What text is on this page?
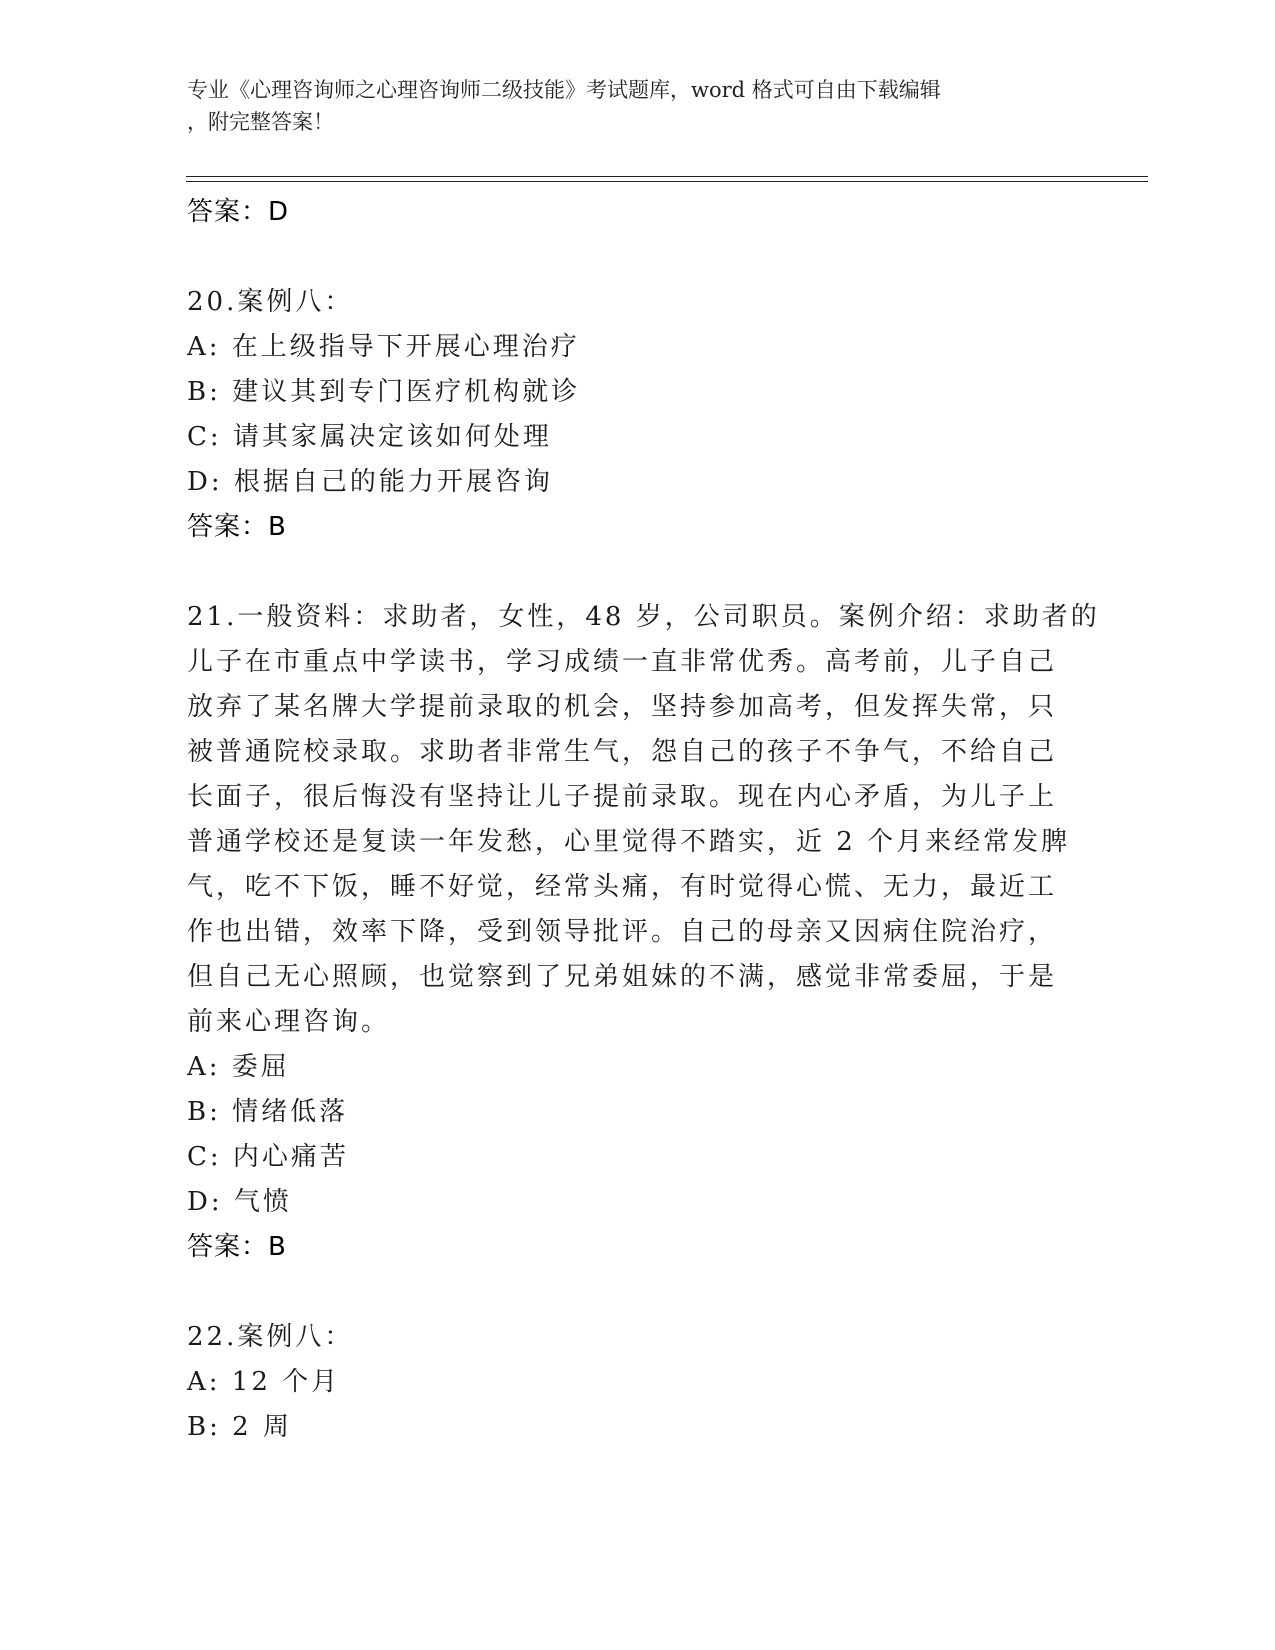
专业《心理咨询师之心理咨询师二级技能》考试题库，word 格式可自由下载编辑
，附完整答案！
答案：D
20.案例八：
A: 在上级指导下开展心理治疗
B: 建议其到专门医疗机构就诊
C: 请其家属决定该如何处理
D: 根据自己的能力开展咨询
答案：B
21.一般资料：求助者，女性，48 岁，公司职员。案例介绍：求助者的
儿子在市重点中学读书，学习成绩一直非常优秀。高考前，儿子自己
放弃了某名牌大学提前录取的机会，坚持参加高考，但发挥失常，只
被普通院校录取。求助者非常生气，怨自己的孩子不争气，不给自己
长面子，很后悔没有坚持让儿子提前录取。现在内心矛盾，为儿子上
普通学校还是复读一年发愁，心里觉得不踏实，近 2 个月来经常发脾
气，吃不下饭，睡不好觉，经常头痛，有时觉得心慌、无力，最近工
作也出错，效率下降，受到领导批评。自己的母亲又因病住院治疗，
但自己无心照顾，也觉察到了兄弟姐妹的不满，感觉非常委屈，于是
前来心理咨询。
A: 委屈
B: 情绪低落
C: 内心痛苦
D: 气愤
答案：B
22.案例八：
A: 12 个月
B: 2 周
